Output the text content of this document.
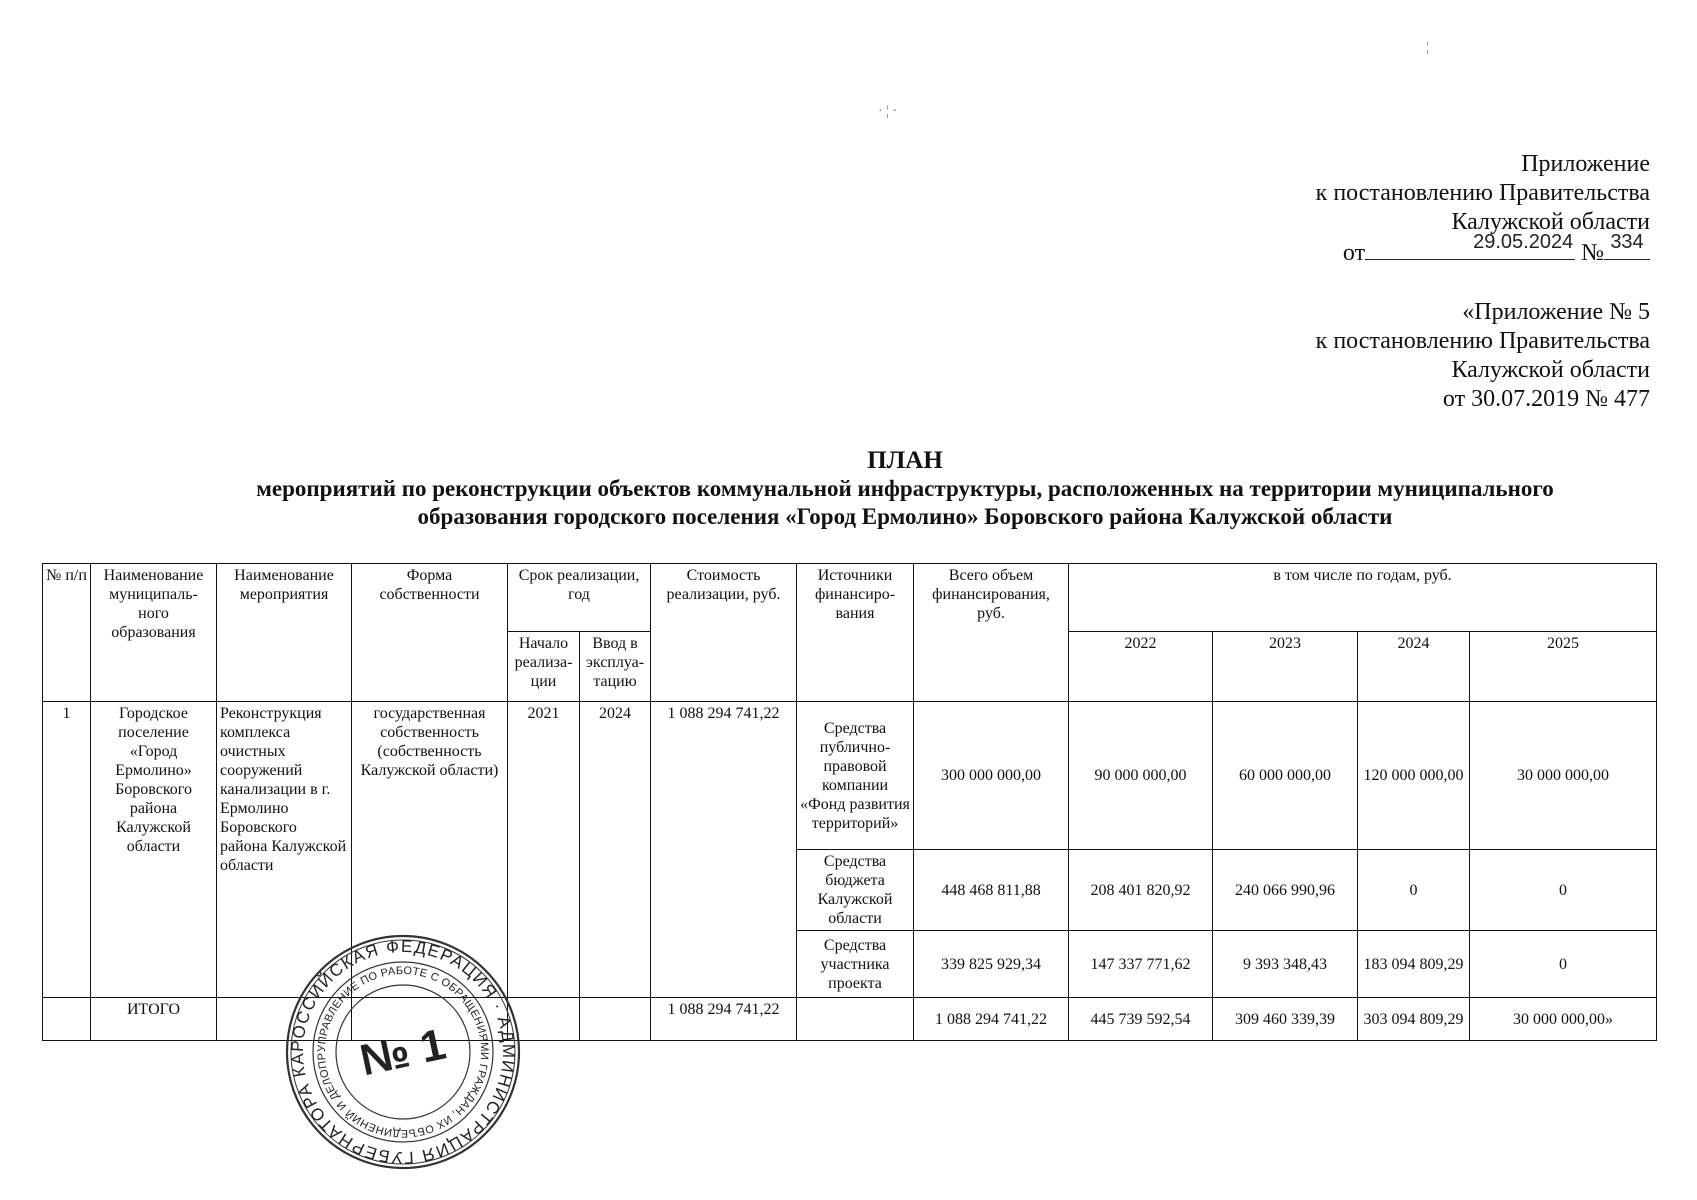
· ¦ ·
¦
Приложение
к постановлению Правительства
Калужской области
от	29.05.2024 № 334
«Приложение № 5
к постановлению Правительства
Калужской области
от 30.07.2019 № 477
ПЛАН
мероприятий по реконструкции объектов коммунальной инфраструктуры, расположенных на территории муниципального
образования городского поселения «Город Ермолино» Боровского района Калужской области
№ п/п	Наименование муниципаль-ного образования	Наименование мероприятия	Форма собственности	Срок реализации, год		Стоимость реализации, руб.	Источники финансиро-вания	Всего объем финансирования, руб.	в том числе по годам, руб.			
				Начало реализа-ции	Ввод в эксплуа-тацию				2022	2023	2024	2025
1	Городское поселение «Город Ермолино» Боровского района Калужской области	Реконструкция комплекса очистных сооружений канализации в г. Ермолино Боровского района Калужской области	государственная собственность (собственность Калужской области)	2021	2024	1 088 294 741,22	Средства публично-правовой компании «Фонд развития территорий»	300 000 000,00	90 000 000,00	60 000 000,00	120 000 000,00	30 000 000,00
							Средства бюджета Калужской области	448 468 811,88	208 401 820,92	240 066 990,96	0	0
							Средства участника проекта	339 825 929,34	147 337 771,62	9 393 348,43	183 094 809,29	0
	ИТОГО					1 088 294 741,22		1 088 294 741,22	445 739 592,54	309 460 339,39	303 094 809,29	30 000 000,00»
РОССИЙСКАЯ ФЕДЕРАЦИЯ · АДМИНИСТРАЦИЯ ГУБЕРНАТОРА КА
УПРАВЛЕНИЕ ПО РАБОТЕ С ОБРАЩЕНИЯМИ ГРАЖДАН, ИХ ОБЪЕДИНЕНИЙ И ДЕЛОПР № 1
